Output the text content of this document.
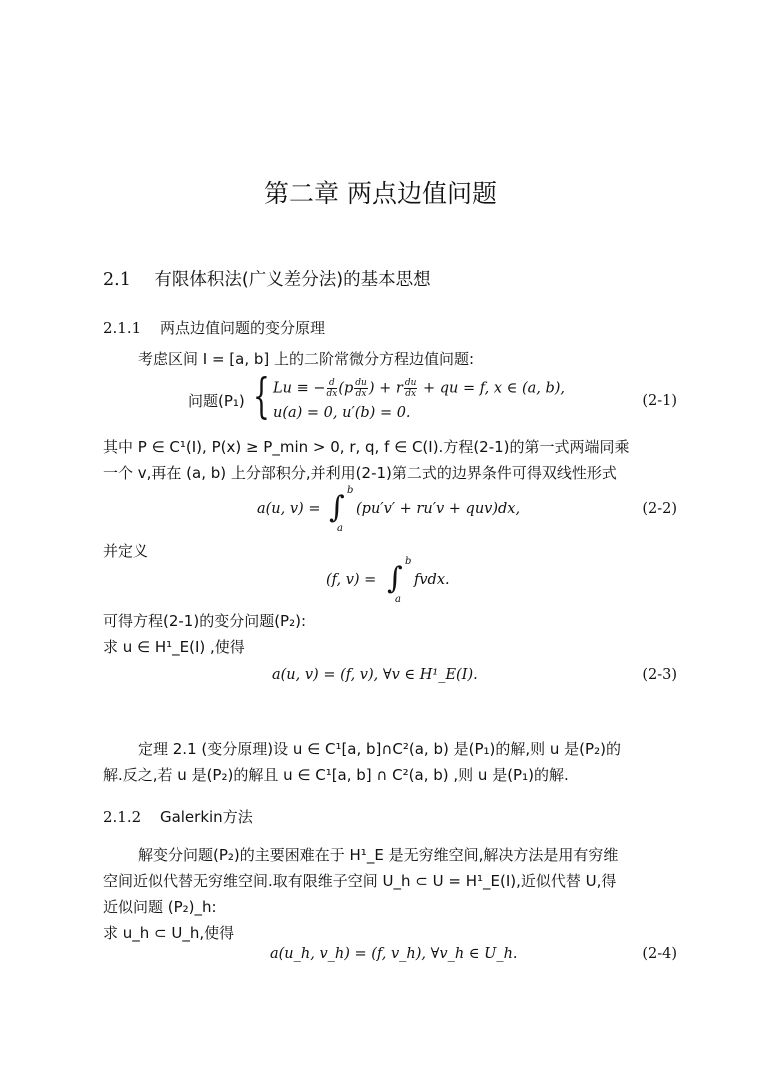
第二章 两点边值问题
2.1 有限体积法(广义差分法)的基本思想
2.1.1 两点边值问题的变分原理
考虑区间 I = [a, b] 上的二阶常微分方程边值问题:
问题(P₁) { Lu ≡ − $\frac{d}{dx} (p \frac{du}{dx}$ ) + r $\frac{du}{dx}$ + qu = f, x ∈ (a, b),
u(a) = 0, u′(b) = 0.
(2-1)
其中 P ∈ C¹(I), P(x) ≥ P_min > 0, r, q, f ∈ C(I).方程(2-1)的第一式两端同乘
一个 v,再在 (a, b) 上分部积分,并利用(2-1)第二式的边界条件可得双线性形式
a(u, v) = ∫ b
a
(pu′v′ + ru′v + quv)dx,	(2-2)
并定义
(f, v) = ∫ b
a
fvdx.
可得方程(2-1)的变分问题(P₂):
求 u ∈ H¹_E(I) ,使得
a(u, v) = (f, v), ∀v ∈ H¹_E(I).	(2-3)
定理 2.1 (变分原理)设 u ∈ C¹[a, b]∩C²(a, b) 是(P₁)的解,则 u 是(P₂)的
解.反之,若 u 是(P₂)的解且 u ∈ C¹[a, b] ∩ C²(a, b) ,则 u 是(P₁)的解.
2.1.2 Galerkin方法
解变分问题(P₂)的主要困难在于 H¹_E 是无穷维空间,解决方法是用有穷维
空间近似代替无穷维空间.取有限维子空间 U_h ⊂ U = H¹_E(I),近似代替 U,得
近似问题 (P₂)_h:
求 u_h ⊂ U_h,使得
a(u_h, v_h) = (f, v_h), ∀v_h ∈ U_h.	(2-4)
